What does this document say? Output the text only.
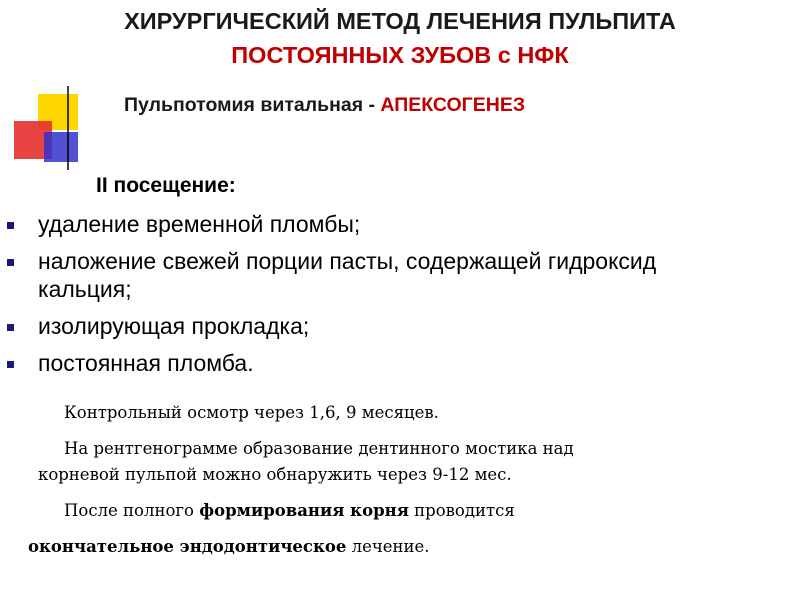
ХИРУРГИЧЕСКИЙ МЕТОД ЛЕЧЕНИЯ ПУЛЬПИТА
ПОСТОЯННЫХ ЗУБОВ с НФК
Пульпотомия витальная - АПЕКСОГЕНЕЗ
II посещение:
удаление временной пломбы;
наложение свежей порции пасты, содержащей гидроксид кальция;
изолирующая прокладка;
постоянная пломба.
Контрольный осмотр через 1,6, 9 месяцев.
На рентгенограмме образование дентинного мостика над
корневой пульпой можно обнаружить через 9-12 мес.
После полного формирования корня проводится
окончательное эндодонтическое лечение.
